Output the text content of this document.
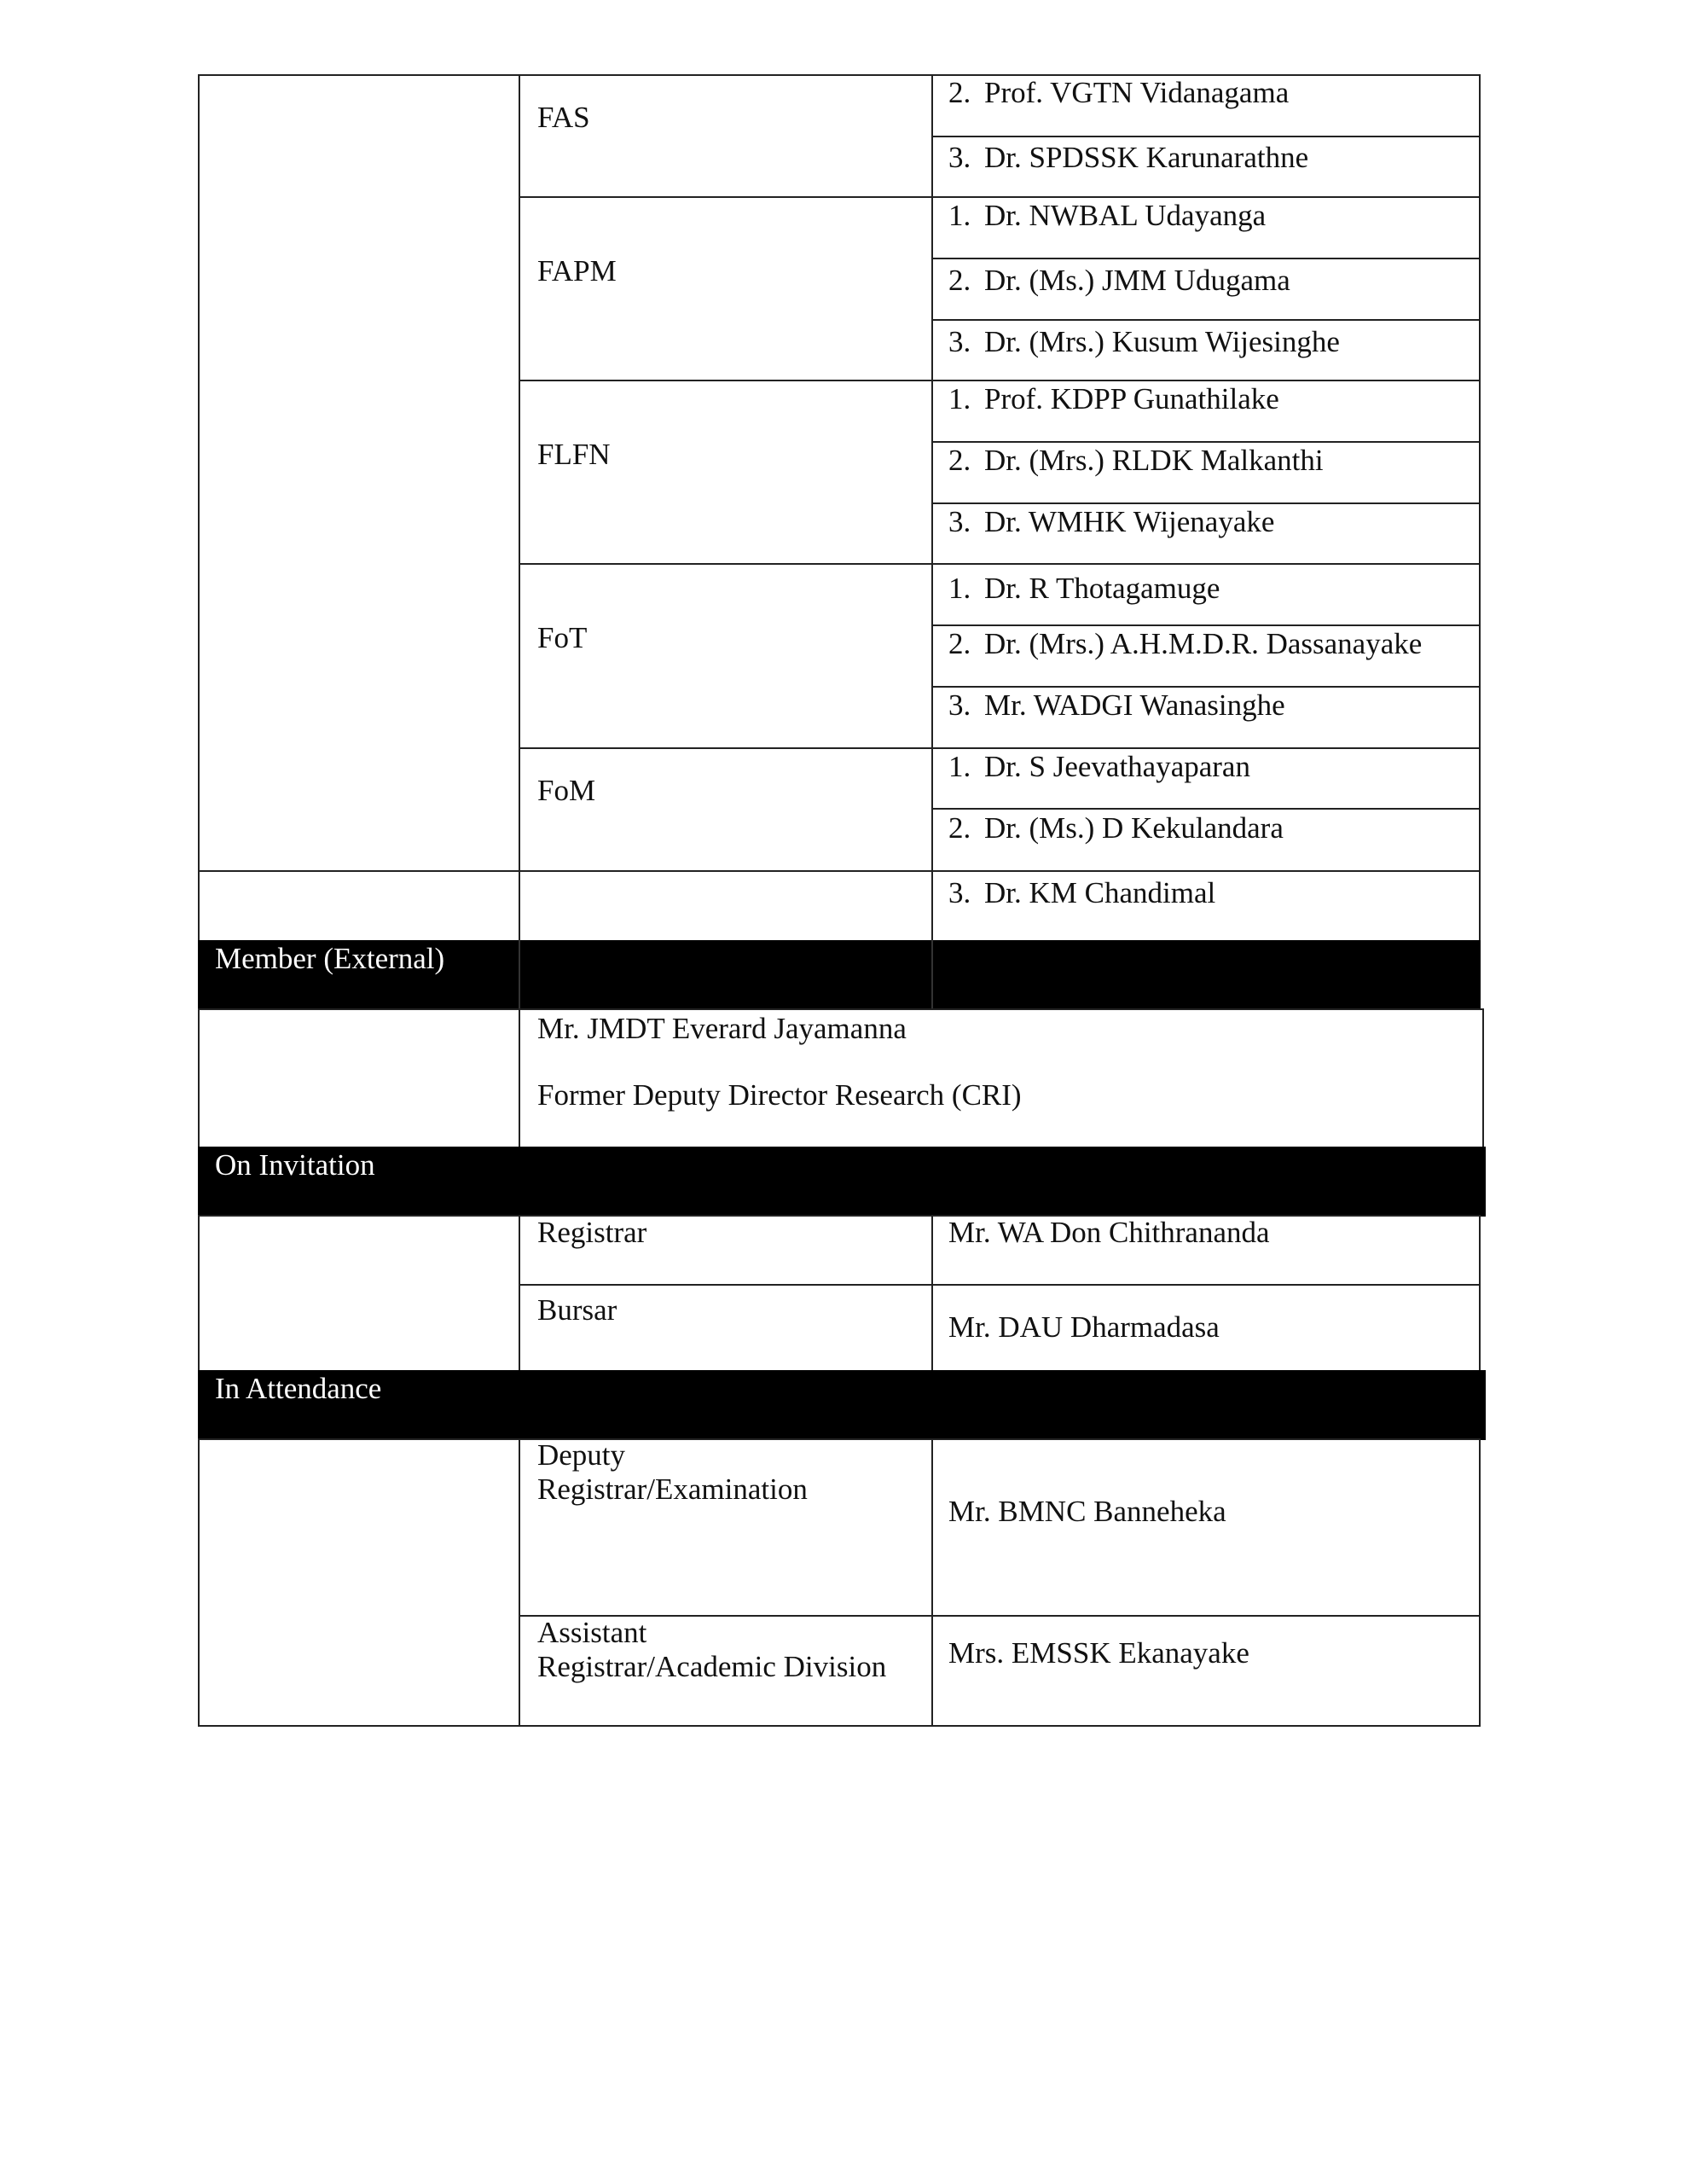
FAS
FAPM
FLFN
FoT
FoM
2. Prof. VGTN Vidanagama
3. Dr. SPDSSK Karunarathne
1. Dr. NWBAL Udayanga
2. Dr. (Ms.) JMM Udugama
3. Dr. (Mrs.) Kusum Wijesinghe
1. Prof. KDPP Gunathilake
2. Dr. (Mrs.) RLDK Malkanthi
3. Dr. WMHK Wijenayake
1. Dr. R Thotagamuge
2. Dr. (Mrs.) A.H.M.D.R. Dassanayake
3. Mr. WADGI Wanasinghe
1. Dr. S Jeevathayaparan
2. Dr. (Ms.) D Kekulandara
3. Dr. KM Chandimal
Member (External)
Mr. JMDT Everard Jayamanna
Former Deputy Director Research (CRI)
On Invitation
Registrar	Mr. WA Don Chithrananda
Bursar
Mr. DAU Dharmadasa
In Attendance
Deputy
Registrar/Examination
Mr. BMNC Banneheka
Assistant
Registrar/Academic Division Mrs. EMSSK Ekanayake
